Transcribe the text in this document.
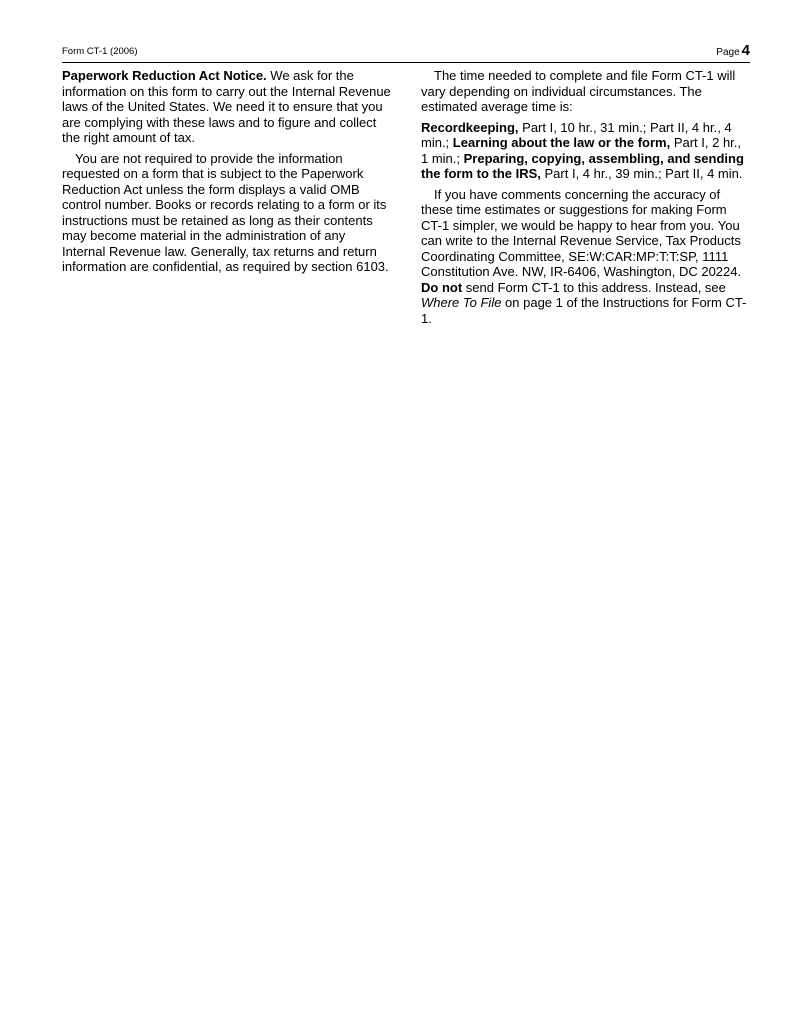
Form CT-1 (2006)	Page 4

Paperwork Reduction Act Notice. We ask for the information on this form to carry out the Internal Revenue laws of the United States. We need it to ensure that you are complying with these laws and to figure and collect the right amount of tax.

You are not required to provide the information requested on a form that is subject to the Paperwork Reduction Act unless the form displays a valid OMB control number. Books or records relating to a form or its instructions must be retained as long as their contents may become material in the administration of any Internal Revenue law. Generally, tax returns and return information are confidential, as required by section 6103.

The time needed to complete and file Form CT-1 will vary depending on individual circumstances. The estimated average time is:

Recordkeeping, Part I, 10 hr., 31 min.; Part II, 4 hr., 4 min.; Learning about the law or the form, Part I, 2 hr., 1 min.; Preparing, copying, assembling, and sending the form to the IRS, Part I, 4 hr., 39 min.; Part II, 4 min.

If you have comments concerning the accuracy of these time estimates or suggestions for making Form CT-1 simpler, we would be happy to hear from you. You can write to the Internal Revenue Service, Tax Products Coordinating Committee, SE:W:CAR:MP:T:T:SP, 1111 Constitution Ave. NW, IR-6406, Washington, DC 20224. Do not send Form CT-1 to this address. Instead, see Where To File on page 1 of the Instructions for Form CT-1.
